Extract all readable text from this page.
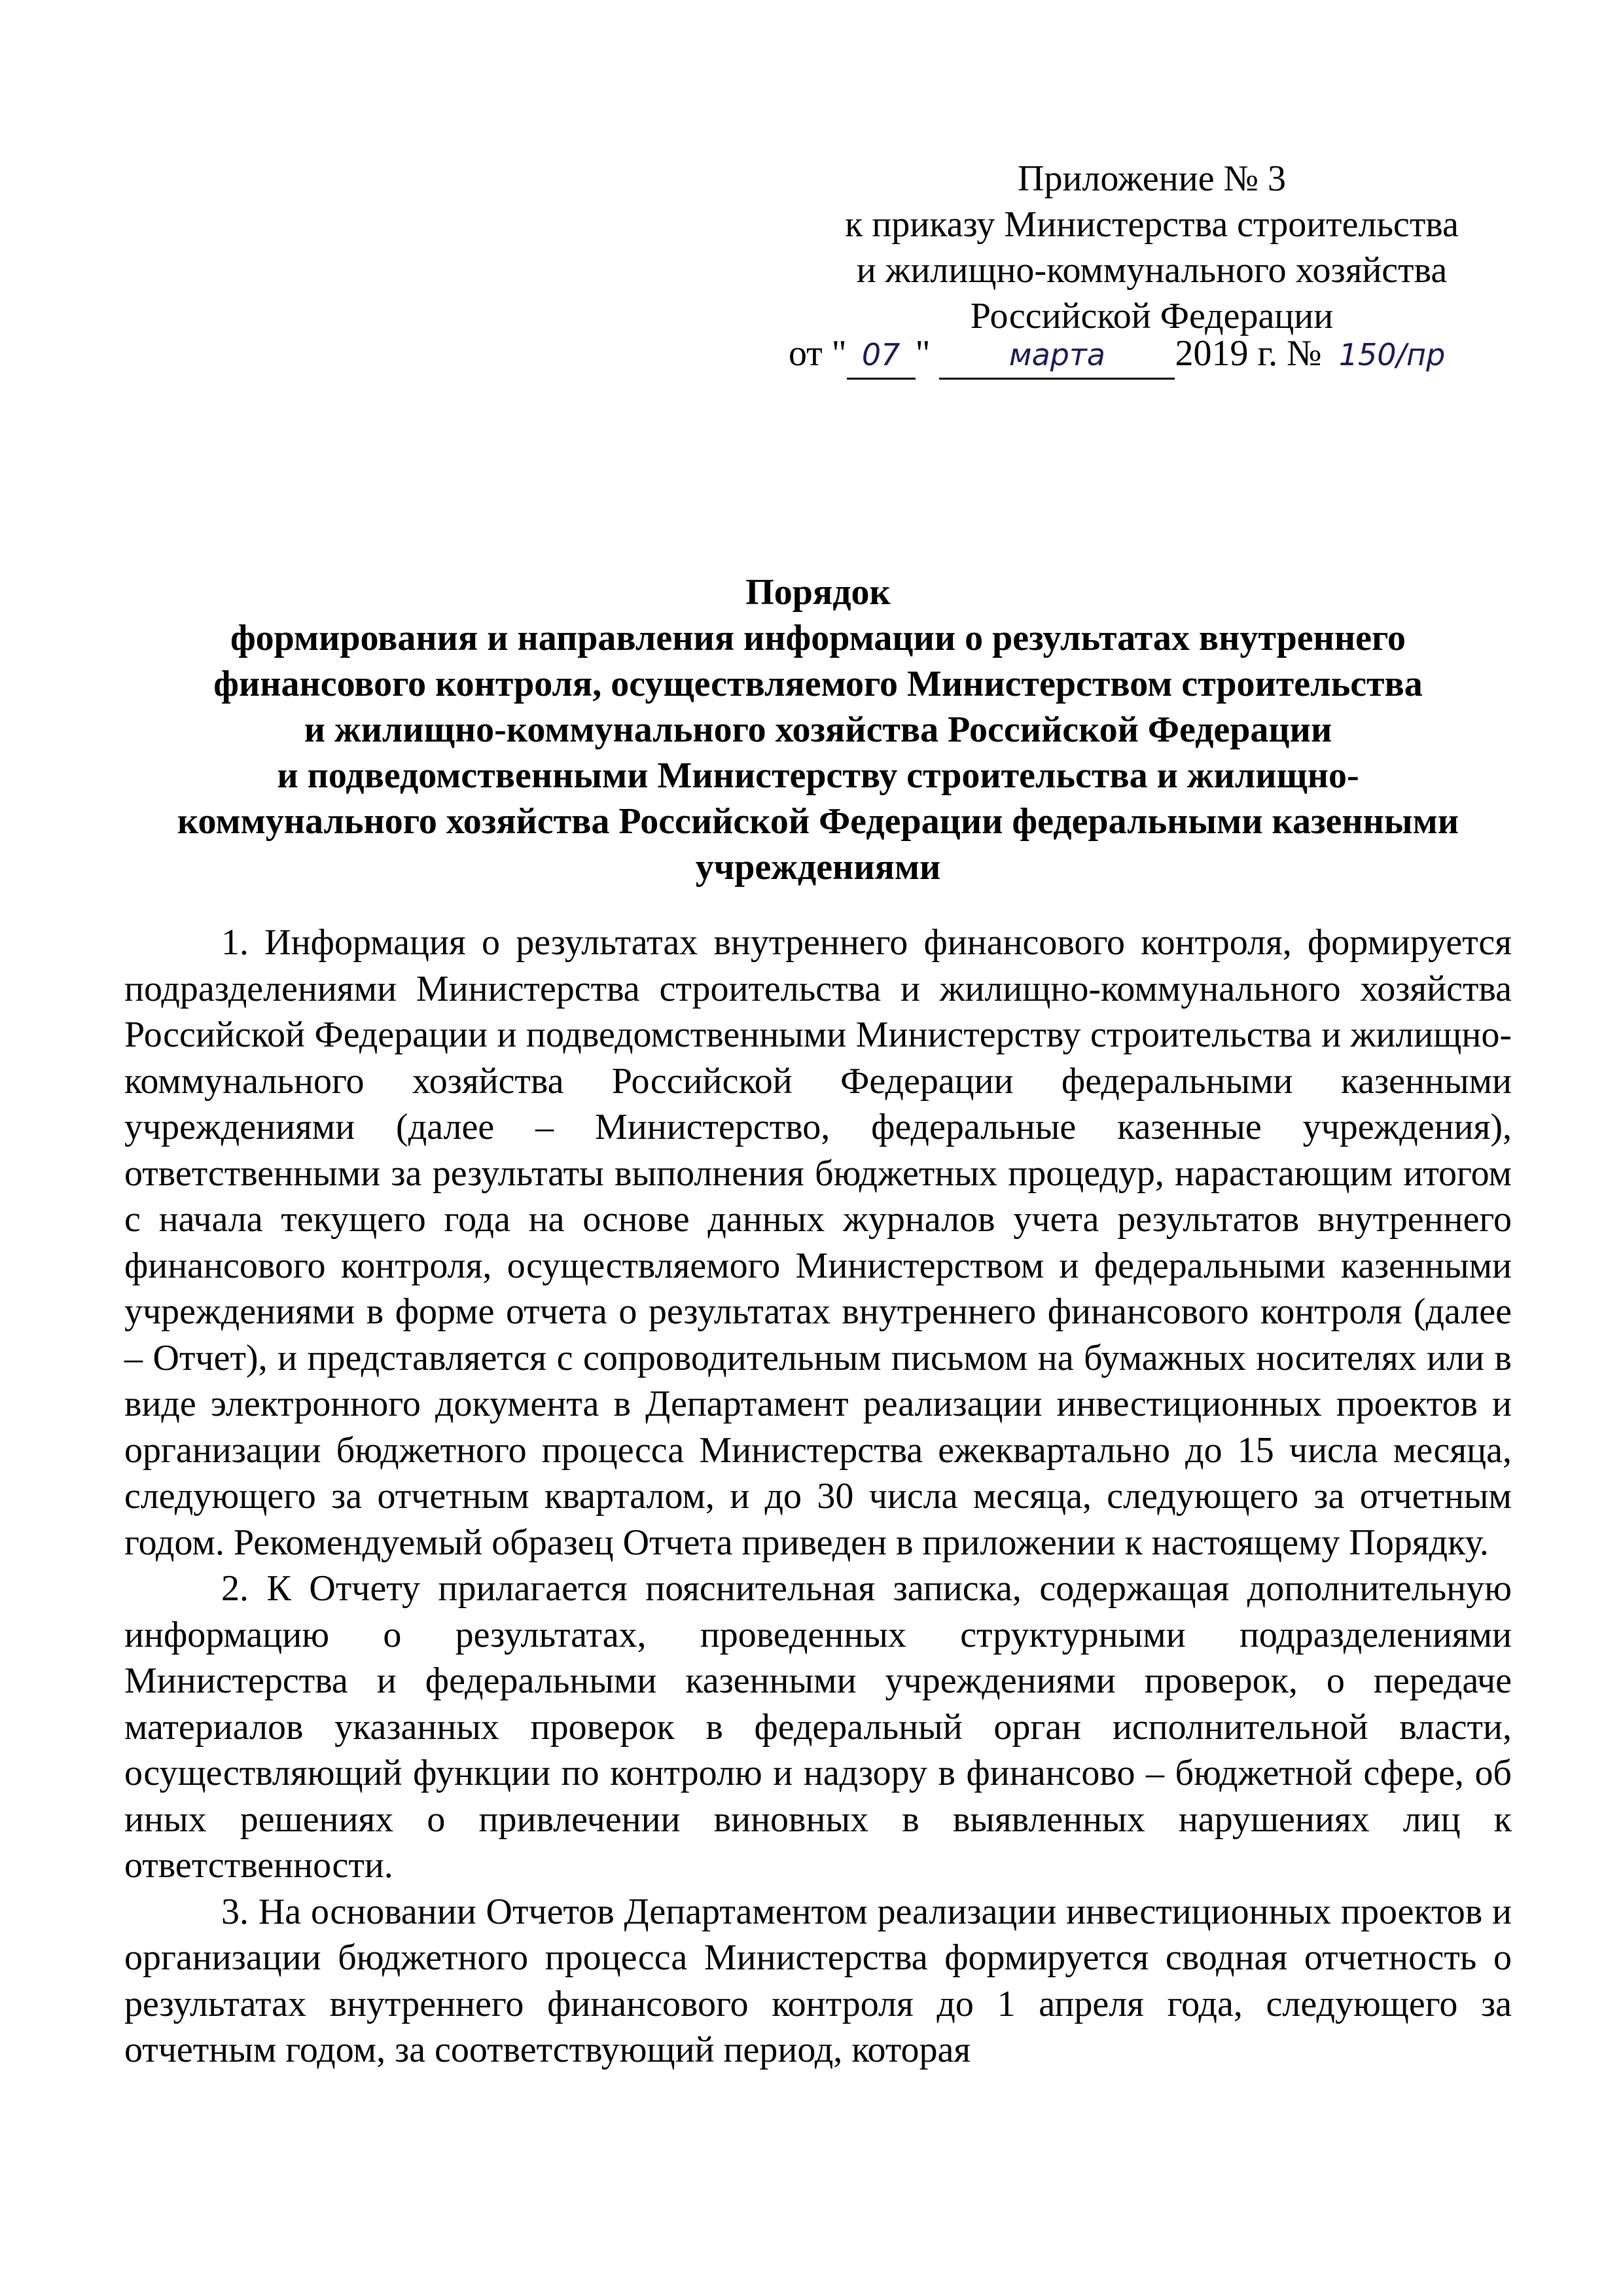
Приложение № 3
к приказу Министерства строительства
и жилищно-коммунального хозяйства
Российской Федерации
от " 07 " марта 2019 г. № 150/пр
Порядок
формирования и направления информации о результатах внутреннего
финансового контроля, осуществляемого Министерством строительства
и жилищно-коммунального хозяйства Российской Федерации
и подведомственными Министерству строительства и жилищно-
коммунального хозяйства Российской Федерации федеральными казенными
учреждениями

1. Информация о результатах внутреннего финансового контроля, формируется подразделениями Министерства строительства и жилищно-коммунального хозяйства Российской Федерации и подведомственными Министерству строительства и жилищно-коммунального хозяйства Российской Федерации федеральными казенными учреждениями (далее – Министерство, федеральные казенные учреждения), ответственными за результаты выполнения бюджетных процедур, нарастающим итогом с начала текущего года на основе данных журналов учета результатов внутреннего финансового контроля, осуществляемого Министерством и федеральными казенными учреждениями в форме отчета о результатах внутреннего финансового контроля (далее – Отчет), и представляется с сопроводительным письмом на бумажных носителях или в виде электронного документа в Департамент реализации инвестиционных проектов и организации бюджетного процесса Министерства ежеквартально до 15 числа месяца, следующего за отчетным кварталом, и до 30 числа месяца, следующего за отчетным годом. Рекомендуемый образец Отчета приведен в приложении к настоящему Порядку.

2. К Отчету прилагается пояснительная записка, содержащая дополнительную информацию о результатах, проведенных структурными подразделениями Министерства и федеральными казенными учреждениями проверок, о передаче материалов указанных проверок в федеральный орган исполнительной власти, осуществляющий функции по контролю и надзору в финансово – бюджетной сфере, об иных решениях о привлечении виновных в выявленных нарушениях лиц к ответственности.

3. На основании Отчетов Департаментом реализации инвестиционных проектов и организации бюджетного процесса Министерства формируется сводная отчетность о результатах внутреннего финансового контроля до 1 апреля года, следующего за отчетным годом, за соответствующий период, которая
